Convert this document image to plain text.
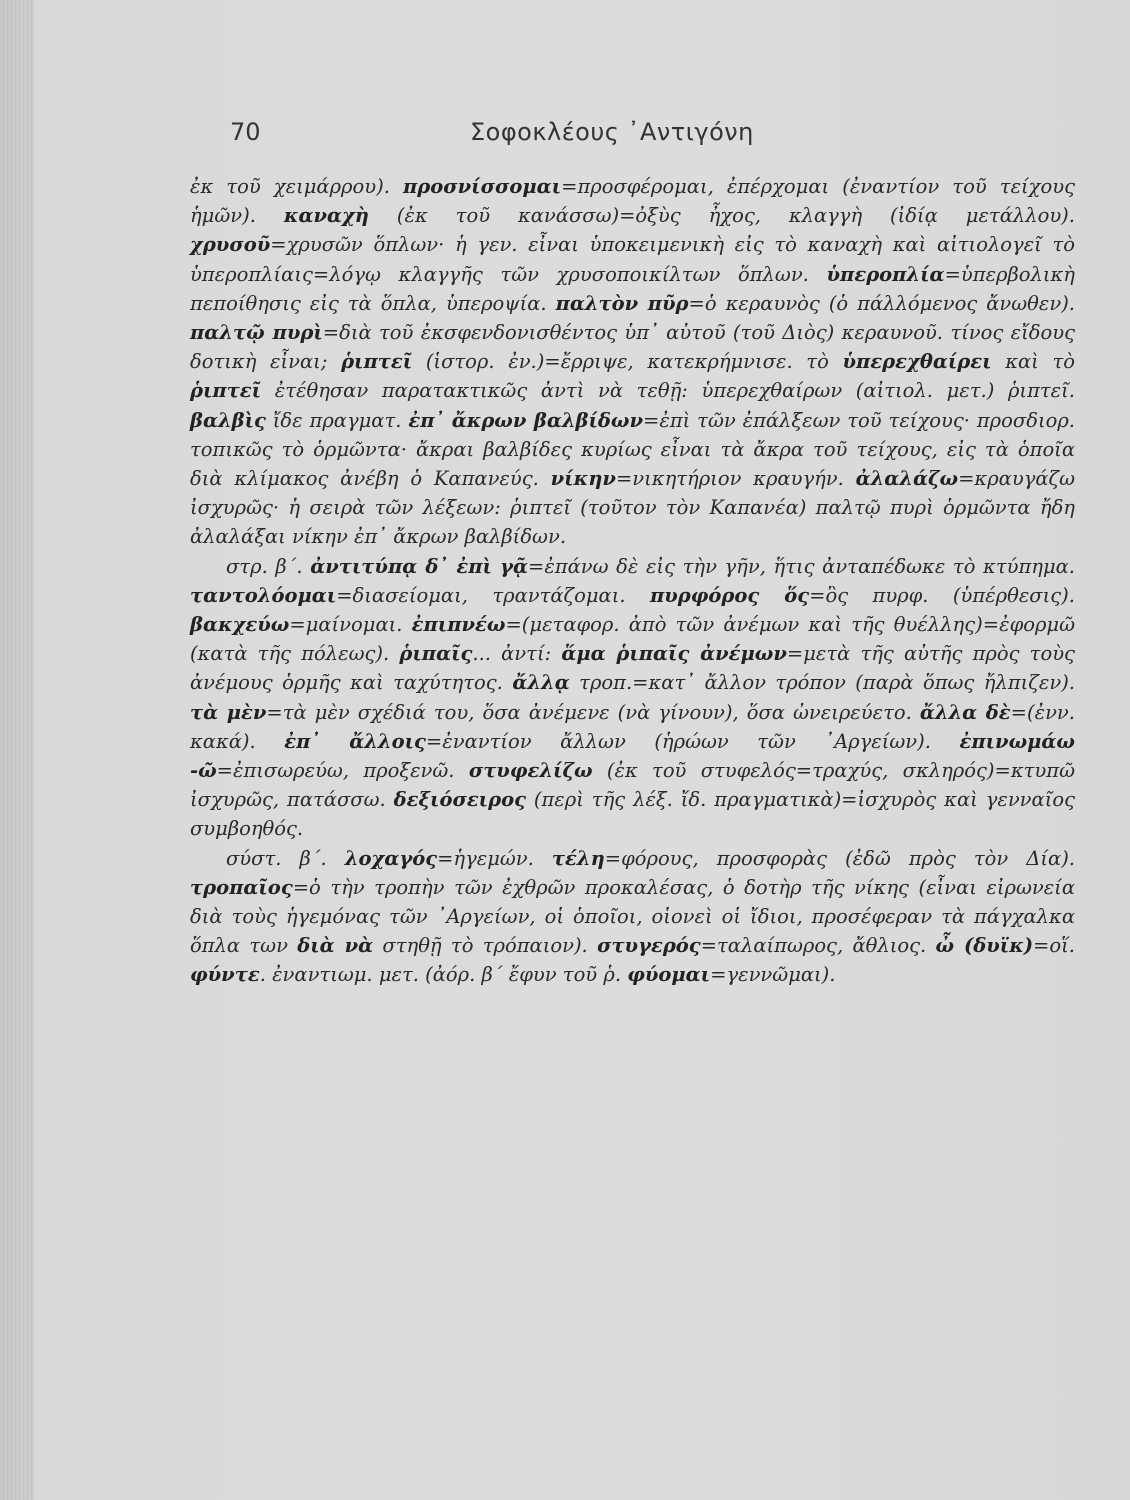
70	Σοφοκλέους ᾿Αντιγόνη

ἐκ τοῦ χειμάρρου). προσνίσσομαι=προσφέρομαι, ἐπέρχομαι (ἐναντίον τοῦ τείχους ἡμῶν). καναχὴ (ἐκ τοῦ κανάσσω)=ὀξὺς ἦχος, κλαγγὴ (ἰδίᾳ μετάλλου). χρυσοῦ=χρυσῶν ὅπλων· ἡ γεν. εἶναι ὑποκειμενικὴ εἰς τὸ καναχὴ καὶ αἰτιολογεῖ τὸ ὑπεροπλίαις=λόγῳ κλαγγῆς τῶν χρυσοποικίλτων ὅπλων. ὑπεροπλία=ὑπερβολικὴ πεποίθησις εἰς τὰ ὅπλα, ὑπεροψία. παλτὸν πῦρ=ὁ κεραυνὸς (ὁ πάλλόμενος ἄνωθεν). παλτῷ πυρὶ=διὰ τοῦ ἐκσφενδονισθέντος ὑπ᾿ αὐτοῦ (τοῦ Διὸς) κεραυνοῦ. τίνος εἴδους δοτικὴ εἶναι; ῥιπτεῖ (ἱστορ. ἐν.)=ἔρριψε, κατεκρήμνισε. τὸ ὑπερεχθαίρει καὶ τὸ ῥιπτεῖ ἐτέθησαν παρατακτικῶς ἀντὶ νὰ τεθῇ: ὑπερεχθαίρων (αἰτιολ. μετ.) ῥιπτεῖ. βαλβὶς ἴδε πραγματ. ἐπ᾿ ἄκρων βαλβίδων=ἐπὶ τῶν ἐπάλξεων τοῦ τείχους· προσδιορ. τοπικῶς τὸ ὁρμῶντα· ἄκραι βαλβίδες κυρίως εἶναι τὰ ἄκρα τοῦ τείχους, εἰς τὰ ὁποῖα διὰ κλίμακος ἀνέβη ὁ Καπανεύς. νίκην=νικητήριον κραυγήν. ἀλαλάζω=κραυγάζω ἰσχυρῶς· ἡ σειρὰ τῶν λέξεων: ῥιπτεῖ (τοῦτον τὸν Καπανέα) παλτῷ πυρὶ ὁρμῶντα ἤδη ἀλαλάξαι νίκην ἐπ᾿ ἄκρων βαλβίδων.

στρ. β΄. ἀντιτύπᾳ δ᾿ ἐπὶ γᾷ=ἐπάνω δὲ εἰς τὴν γῆν, ἥτις ἀνταπέδωκε τὸ κτύπημα. ταντολόομαι=διασείομαι, τραντάζομαι. πυρφόρος ὅς=ὃς πυρφ. (ὑπέρθεσις). βακχεύω=μαίνομαι. ἐπιπνέω=(μεταφορ. ἀπὸ τῶν ἀνέμων καὶ τῆς θυέλλης)=ἐφορμῶ (κατὰ τῆς πόλεως). ῥιπαῖς... ἀντί: ἅμα ῥιπαῖς ἀνέμων=μετὰ τῆς αὐτῆς πρὸς τοὺς ἀνέμους ὁρμῆς καὶ ταχύτητος. ἄλλᾳ τροπ.=κατ᾿ ἄλλον τρόπον (παρὰ ὅπως ἤλπιζεν). τὰ μὲν=τὰ μὲν σχέδιά του, ὅσα ἀνέμενε (νὰ γίνουν), ὅσα ὠνειρεύετο. ἄλλα δὲ=(ἐνν. κακά). ἐπ᾿ ἄλλοις=ἐναντίον ἄλλων (ἡρώων τῶν ᾿Αργείων). ἐπινωμάω -ῶ=ἐπισωρεύω, προξενῶ. στυφελίζω (ἐκ τοῦ στυφελός=τραχύς, σκληρός)=κτυπῶ ἰσχυρῶς, πατάσσω. δεξιόσειρος (περὶ τῆς λέξ. ἴδ. πραγματικὰ)=ἰσχυρὸς καὶ γενναῖος συμβοηθός.

σύστ. β΄. λοχαγός=ἡγεμών. τέλη=φόρους, προσφορὰς (ἐδῶ πρὸς τὸν Δία). τροπαῖος=ὁ τὴν τροπὴν τῶν ἐχθρῶν προκαλέσας, ὁ δοτὴρ τῆς νίκης (εἶναι εἰρωνεία διὰ τοὺς ἡγεμόνας τῶν ᾿Αργείων, οἱ ὁποῖοι, οἱονεὶ οἱ ἴδιοι, προσέφεραν τὰ πάγχαλκα ὅπλα των διὰ νὰ στηθῇ τὸ τρόπαιον). στυγερός=ταλαίπωρος, ἄθλιος. ὦ (δυϊκ)=οἵ. φύντε. ἐναντιωμ. μετ. (ἀόρ. β΄ ἔφυν τοῦ ῥ. φύομαι=γεννῶμαι).
